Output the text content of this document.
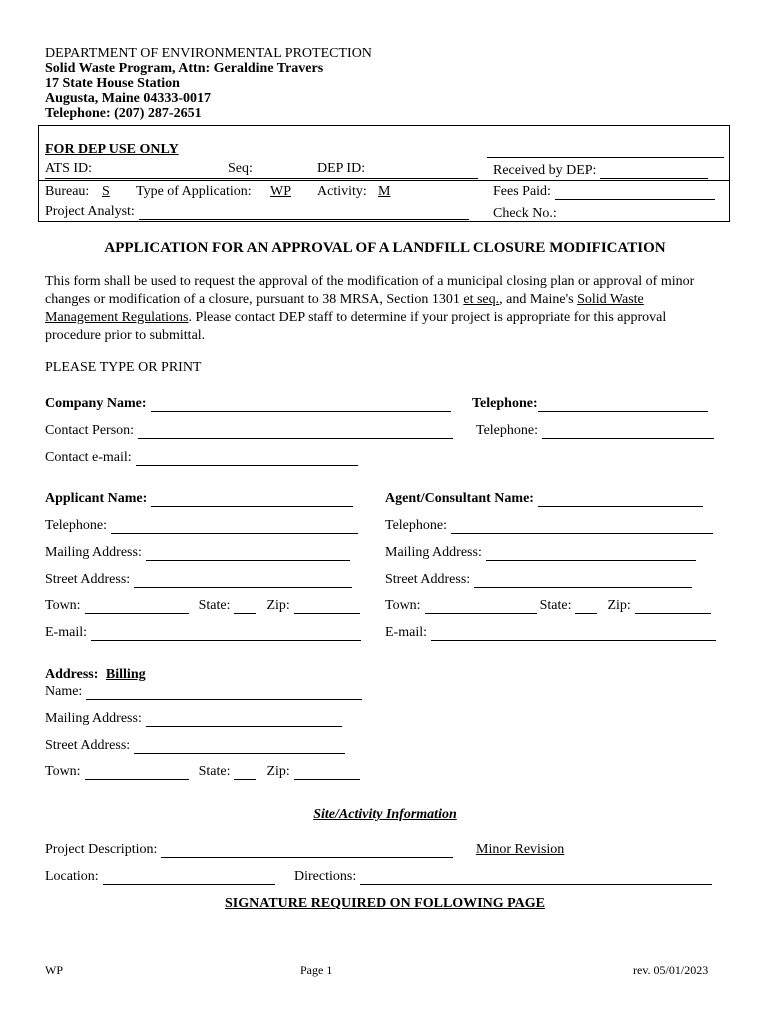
DEPARTMENT OF ENVIRONMENTAL PROTECTION
Solid Waste Program, Attn: Geraldine Travers
17 State House Station
Augusta, Maine 04333-0017
Telephone: (207) 287-2651
FOR DEP USE ONLY
ATS ID:	Seq:	DEP ID:	Received by DEP:
Bureau: S Type of Application: WP Activity: M	Fees Paid:
Project Analyst:	Check No.:
APPLICATION FOR AN APPROVAL OF A LANDFILL CLOSURE MODIFICATION
This form shall be used to request the approval of the modification of a municipal closing plan or approval of minor changes or modification of a closure, pursuant to 38 MRSA, Section 1301 et seq., and Maine's Solid Waste Management Regulations. Please contact DEP staff to determine if your project is appropriate for this approval procedure prior to submittal.
PLEASE TYPE OR PRINT
Company Name:	Telephone:
Contact Person:	Telephone:
Contact e-mail:
Applicant Name:
Telephone:
Mailing Address:
Street Address:
Town:	State:	Zip:
E-mail:
Agent/Consultant Name:
Telephone:
Mailing Address:
Street Address:
Town:	State:	Zip:
E-mail:
Address: Billing
Name:
Mailing Address:
Street Address:
Town:	State:	Zip:
Site/Activity Information
Project Description:	Minor Revision
Location:	Directions:
SIGNATURE REQUIRED ON FOLLOWING PAGE
WP	Page 1	rev. 05/01/2023
